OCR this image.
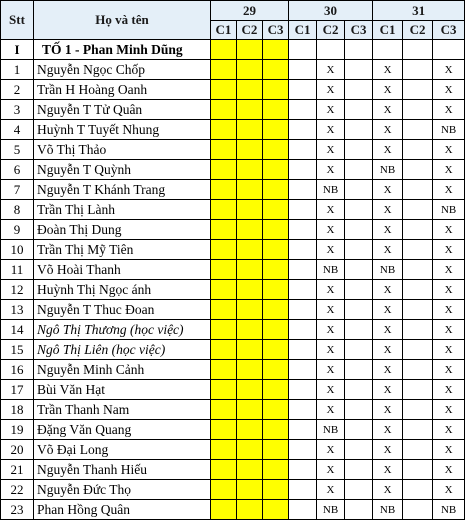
Stt	Họ và tên	29			30			31		
		C1	C2	C3	C1	C2	C3	C1	C2	C3
I	TỐ 1 - Phan Minh Dũng									
1	Nguyễn Ngọc Chốp					X		X		X
2	Trần H Hoàng Oanh					X		X		X
3	Nguyễn T Tử Quân					X		X		X
4	Huỳnh T Tuyết Nhung					X		X		NB
5	Võ Thị Thảo					X		X		X
6	Nguyễn T Quỳnh					X		NB		X
7	Nguyễn T Khánh Trang					NB		X		X
8	Trần Thị Lành					X		X		NB
9	Đoàn Thị Dung					X		X		X
10	Trần Thị Mỹ Tiên					X		X		X
11	Võ Hoài Thanh					NB		NB		X
12	Huỳnh Thị Ngọc ánh					X		X		X
13	Nguyễn T Thuc Đoan					X		X		X
14	Ngô Thị Thương (học việc)					X		X		X
15	Ngô Thị Liên (học việc)					X		X		X
16	Nguyễn Minh Cảnh					X		X		X
17	Bùi Văn Hạt					X		X		X
18	Trần Thanh Nam					X		X		X
19	Đặng Văn Quang					NB		X		X
20	Võ Đại Long					X		X		X
21	Nguyễn Thanh Hiếu					X		X		X
22	Nguyễn Đức Thọ					X		X		X
23	Phan Hồng Quân					NB		NB		NB
